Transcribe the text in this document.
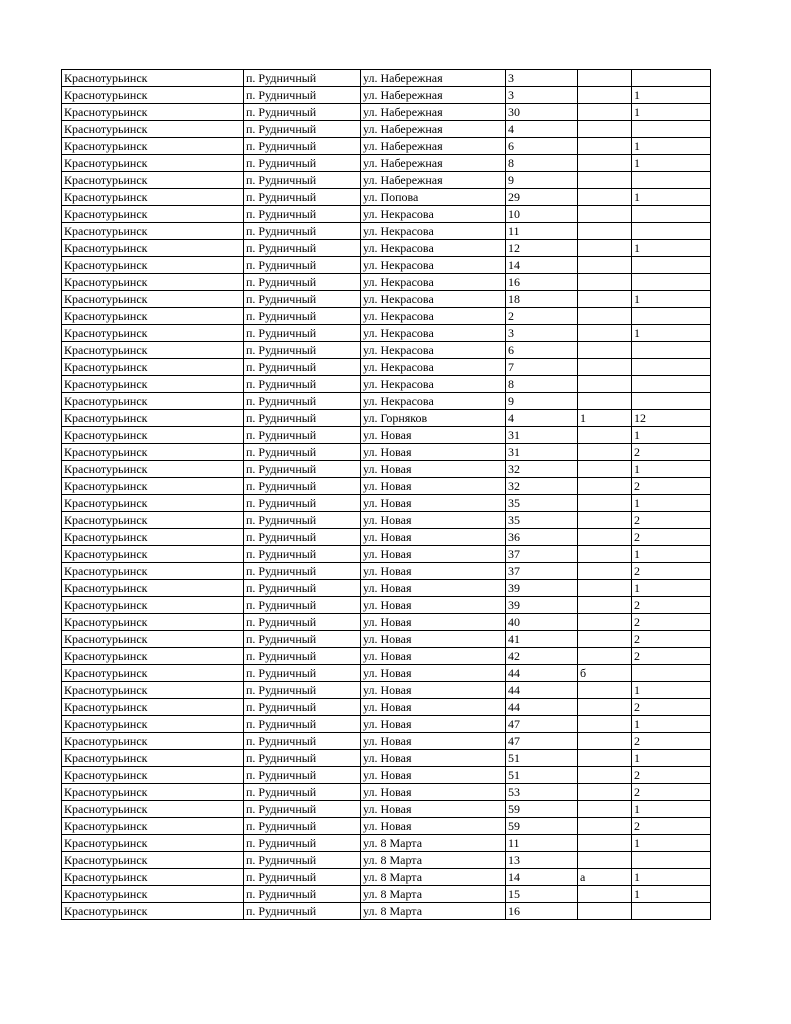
Краснотурьинск	п. Рудничный	ул. Набережная	3		
Краснотурьинск	п. Рудничный	ул. Набережная	3		1
Краснотурьинск	п. Рудничный	ул. Набережная	30		1
Краснотурьинск	п. Рудничный	ул. Набережная	4		
Краснотурьинск	п. Рудничный	ул. Набережная	6		1
Краснотурьинск	п. Рудничный	ул. Набережная	8		1
Краснотурьинск	п. Рудничный	ул. Набережная	9		
Краснотурьинск	п. Рудничный	ул. Попова	29		1
Краснотурьинск	п. Рудничный	ул. Некрасова	10		
Краснотурьинск	п. Рудничный	ул. Некрасова	11		
Краснотурьинск	п. Рудничный	ул. Некрасова	12		1
Краснотурьинск	п. Рудничный	ул. Некрасова	14		
Краснотурьинск	п. Рудничный	ул. Некрасова	16		
Краснотурьинск	п. Рудничный	ул. Некрасова	18		1
Краснотурьинск	п. Рудничный	ул. Некрасова	2		
Краснотурьинск	п. Рудничный	ул. Некрасова	3		1
Краснотурьинск	п. Рудничный	ул. Некрасова	6		
Краснотурьинск	п. Рудничный	ул. Некрасова	7		
Краснотурьинск	п. Рудничный	ул. Некрасова	8		
Краснотурьинск	п. Рудничный	ул. Некрасова	9		
Краснотурьинск	п. Рудничный	ул. Горняков	4	1	12
Краснотурьинск	п. Рудничный	ул. Новая	31		1
Краснотурьинск	п. Рудничный	ул. Новая	31		2
Краснотурьинск	п. Рудничный	ул. Новая	32		1
Краснотурьинск	п. Рудничный	ул. Новая	32		2
Краснотурьинск	п. Рудничный	ул. Новая	35		1
Краснотурьинск	п. Рудничный	ул. Новая	35		2
Краснотурьинск	п. Рудничный	ул. Новая	36		2
Краснотурьинск	п. Рудничный	ул. Новая	37		1
Краснотурьинск	п. Рудничный	ул. Новая	37		2
Краснотурьинск	п. Рудничный	ул. Новая	39		1
Краснотурьинск	п. Рудничный	ул. Новая	39		2
Краснотурьинск	п. Рудничный	ул. Новая	40		2
Краснотурьинск	п. Рудничный	ул. Новая	41		2
Краснотурьинск	п. Рудничный	ул. Новая	42		2
Краснотурьинск	п. Рудничный	ул. Новая	44	б	
Краснотурьинск	п. Рудничный	ул. Новая	44		1
Краснотурьинск	п. Рудничный	ул. Новая	44		2
Краснотурьинск	п. Рудничный	ул. Новая	47		1
Краснотурьинск	п. Рудничный	ул. Новая	47		2
Краснотурьинск	п. Рудничный	ул. Новая	51		1
Краснотурьинск	п. Рудничный	ул. Новая	51		2
Краснотурьинск	п. Рудничный	ул. Новая	53		2
Краснотурьинск	п. Рудничный	ул. Новая	59		1
Краснотурьинск	п. Рудничный	ул. Новая	59		2
Краснотурьинск	п. Рудничный	ул. 8 Марта	11		1
Краснотурьинск	п. Рудничный	ул. 8 Марта	13		
Краснотурьинск	п. Рудничный	ул. 8 Марта	14	а	1
Краснотурьинск	п. Рудничный	ул. 8 Марта	15		1
Краснотурьинск	п. Рудничный	ул. 8 Марта	16		
